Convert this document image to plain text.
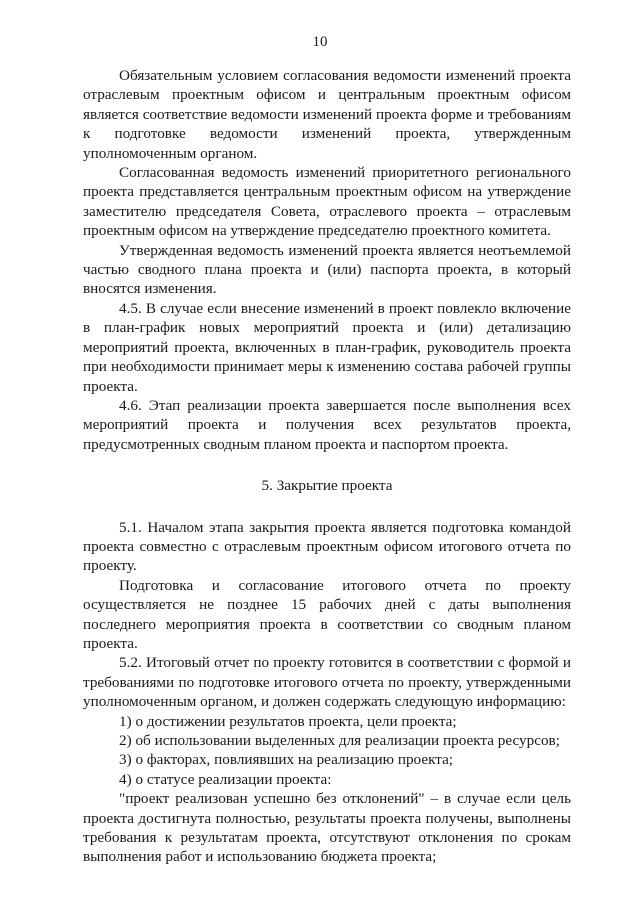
10

Обязательным условием согласования ведомости изменений проекта отраслевым проектным офисом и центральным проектным офисом является соответствие ведомости изменений проекта форме и требованиям к подготовке ведомости изменений проекта, утвержденным уполномоченным органом.

Согласованная ведомость изменений приоритетного регионального проекта представляется центральным проектным офисом на утверждение заместителю председателя Совета, отраслевого проекта – отраслевым проектным офисом на утверждение председателю проектного комитета.

Утвержденная ведомость изменений проекта является неотъемлемой частью сводного плана проекта и (или) паспорта проекта, в который вносятся изменения.

4.5. В случае если внесение изменений в проект повлекло включение в план-график новых мероприятий проекта и (или) детализацию мероприятий проекта, включенных в план-график, руководитель проекта при необходимости принимает меры к изменению состава рабочей группы проекта.

4.6. Этап реализации проекта завершается после выполнения всех мероприятий проекта и получения всех результатов проекта, предусмотренных сводным планом проекта и паспортом проекта.

5. Закрытие проекта

5.1. Началом этапа закрытия проекта является подготовка командой проекта совместно с отраслевым проектным офисом итогового отчета по проекту.

Подготовка и согласование итогового отчета по проекту осуществляется не позднее 15 рабочих дней с даты выполнения последнего мероприятия проекта в соответствии со сводным планом проекта.

5.2. Итоговый отчет по проекту готовится в соответствии с формой и требованиями по подготовке итогового отчета по проекту, утвержденными уполномоченным органом, и должен содержать следующую информацию:

1) о достижении результатов проекта, цели проекта;

2) об использовании выделенных для реализации проекта ресурсов;

3) о факторах, повлиявших на реализацию проекта;

4) о статусе реализации проекта:

"проект реализован успешно без отклонений" – в случае если цель проекта достигнута полностью, результаты проекта получены, выполнены требования к результатам проекта, отсутствуют отклонения по срокам выполнения работ и использованию бюджета проекта;
